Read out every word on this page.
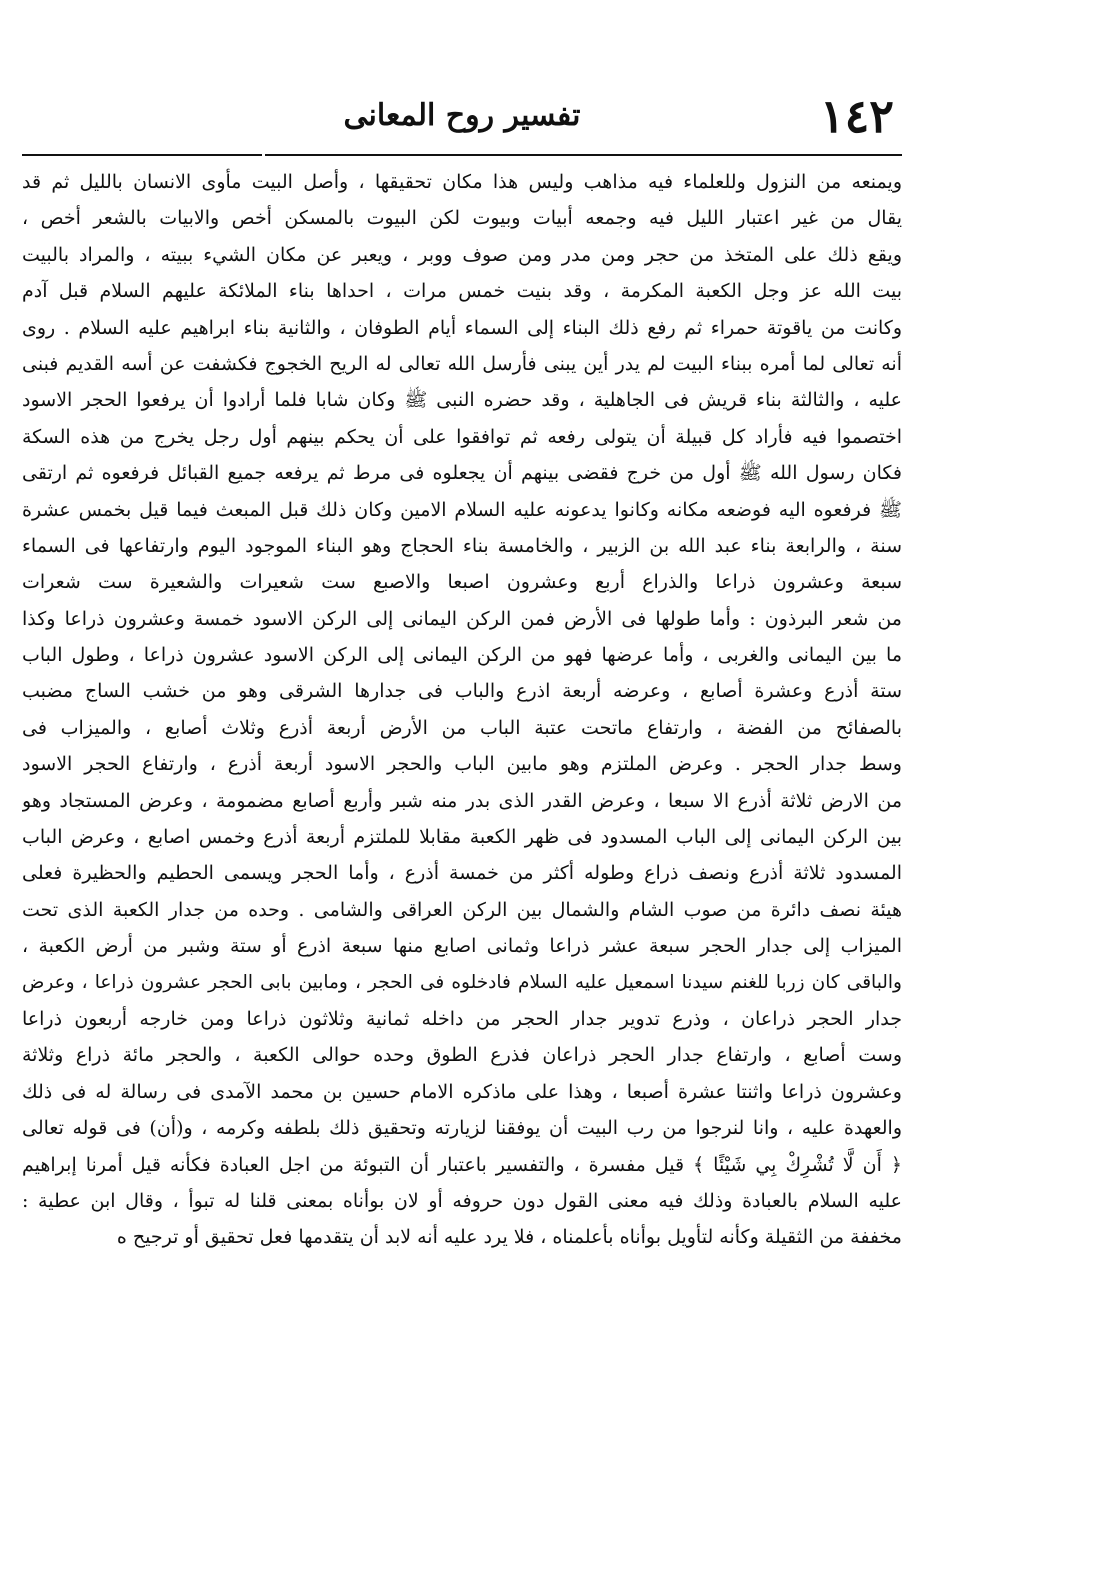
١٤٢
تفسير روح المعانى
ويمنعه من النزول وللعلماء فيه مذاهب وليس هذا مكان تحقيقها ، وأصل البيت مأوى الانسان بالليل ثم قد
يقال من غير اعتبار الليل فيه وجمعه أبيات وبيوت لكن البيوت بالمسكن أخص والابيات بالشعر أخص ،
ويقع ذلك على المتخذ من حجر ومن مدر ومن صوف ووبر ، ويعبر عن مكان الشيء ببيته ، والمراد بالبيت
بيت الله عز وجل الكعبة المكرمة ، وقد بنيت خمس مرات ، احداها بناء الملائكة عليهم السلام قبل آدم
وكانت من ياقوتة حمراء ثم رفع ذلك البناء إلى السماء أيام الطوفان ، والثانية بناء ابراهيم عليه السلام . روى
أنه تعالى لما أمره ببناء البيت لم يدر أين يبنى فأرسل الله تعالى له الريح الخجوج فكشفت عن أسه القديم فبنى
عليه ، والثالثة بناء قريش فى الجاهلية ، وقد حضره النبى ﷺ وكان شابا فلما أرادوا أن يرفعوا الحجر الاسود
اختصموا فيه فأراد كل قبيلة أن يتولى رفعه ثم توافقوا على أن يحكم بينهم أول رجل يخرج من هذه السكة
فكان رسول الله ﷺ أول من خرج فقضى بينهم أن يجعلوه فى مرط ثم يرفعه جميع القبائل فرفعوه ثم ارتقى
ﷺ فرفعوه اليه فوضعه مكانه وكانوا يدعونه عليه السلام الامين وكان ذلك قبل المبعث فيما قيل بخمس عشرة
سنة ، والرابعة بناء عبد الله بن الزبير ، والخامسة بناء الحجاج وهو البناء الموجود اليوم وارتفاعها فى السماء
سبعة وعشرون ذراعا والذراع أربع وعشرون اصبعا والاصبع ست شعيرات والشعيرة ست شعرات
من شعر البرذون : وأما طولها فى الأرض فمن الركن اليمانى إلى الركن الاسود خمسة وعشرون ذراعا وكذا
ما بين اليمانى والغربى ، وأما عرضها فهو من الركن اليمانى إلى الركن الاسود عشرون ذراعا ، وطول الباب
ستة أذرع وعشرة أصابع ، وعرضه أربعة اذرع والباب فى جدارها الشرقى وهو من خشب الساج مضبب
بالصفائح من الفضة ، وارتفاع ماتحت عتبة الباب من الأرض أربعة أذرع وثلاث أصابع ، والميزاب فى
وسط جدار الحجر . وعرض الملتزم وهو مابين الباب والحجر الاسود أربعة أذرع ، وارتفاع الحجر الاسود
من الارض ثلاثة أذرع الا سبعا ، وعرض القدر الذى بدر منه شبر وأربع أصابع مضمومة ، وعرض المستجاد وهو
بين الركن اليمانى إلى الباب المسدود فى ظهر الكعبة مقابلا للملتزم أربعة أذرع وخمس اصابع ، وعرض الباب
المسدود ثلاثة أذرع ونصف ذراع وطوله أكثر من خمسة أذرع ، وأما الحجر ويسمى الحطيم والحظيرة فعلى
هيئة نصف دائرة من صوب الشام والشمال بين الركن العراقى والشامى . وحده من جدار الكعبة الذى تحت
الميزاب إلى جدار الحجر سبعة عشر ذراعا وثمانى اصابع منها سبعة اذرع أو ستة وشبر من أرض الكعبة ،
والباقى كان زربا للغنم سيدنا اسمعيل عليه السلام فادخلوه فى الحجر ، ومابين بابى الحجر عشرون ذراعا ، وعرض
جدار الحجر ذراعان ، وذرع تدوير جدار الحجر من داخله ثمانية وثلاثون ذراعا ومن خارجه أربعون ذراعا
وست أصابع ، وارتفاع جدار الحجر ذراعان فذرع الطوق وحده حوالى الكعبة ، والحجر مائة ذراع وثلاثة
وعشرون ذراعا واثنتا عشرة أصبعا ، وهذا على ماذكره الامام حسين بن محمد الآمدى فى رسالة له فى ذلك
والعهدة عليه ، وانا لنرجوا من رب البيت أن يوفقنا لزيارته وتحقيق ذلك بلطفه وكرمه ، و(أن) فى قوله تعالى
﴿ أَن لَّا تُشْرِكْ بِي شَيْئًا ﴾ قيل مفسرة ، والتفسير باعتبار أن التبوئة من اجل العبادة فكأنه قيل أمرنا إبراهيم
عليه السلام بالعبادة وذلك فيه معنى القول دون حروفه أو لان بوأناه بمعنى قلنا له تبوأ ، وقال ابن عطية :
مخففة من الثقيلة وكأنه لتأويل بوأناه بأعلمناه ، فلا يرد عليه أنه لابد أن يتقدمها فعل تحقيق أو ترجيح ه
